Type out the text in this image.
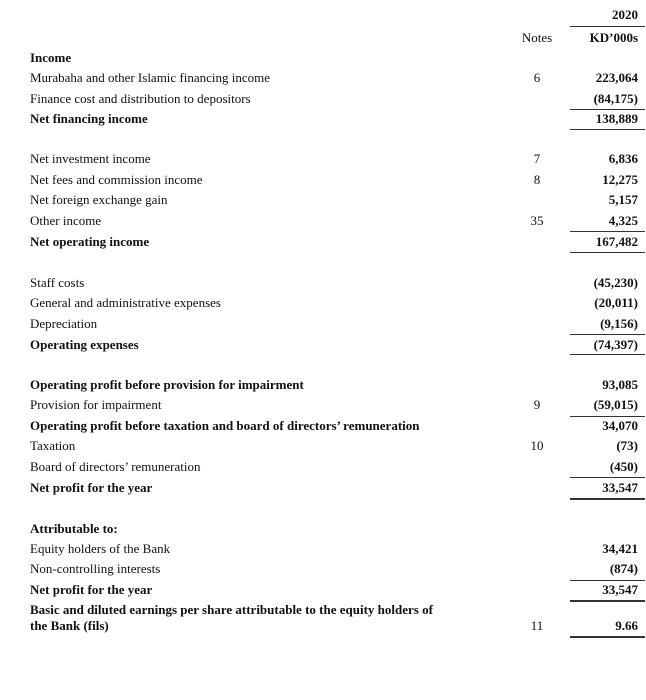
2020
Notes	KD’000s
Income
Murabaha and other Islamic financing income	6	223,064
Finance cost and distribution to depositors	(84,175)
Net financing income	138,889
Net investment income	7	6,836
Net fees and commission income	8	12,275
Net foreign exchange gain	5,157
Other income	35	4,325
Net operating income	167,482
Staff costs	(45,230)
General and administrative expenses	(20,011)
Depreciation	(9,156)
Operating expenses	(74,397)
Operating profit before provision for impairment	93,085
Provision for impairment	9	(59,015)
Operating profit before taxation and board of directors’ remuneration	34,070
Taxation	10	(73)
Board of directors’ remuneration	(450)
Net profit for the year	33,547
Attributable to:
Equity holders of the Bank	34,421
Non-controlling interests	(874)
Net profit for the year	33,547
Basic and diluted earnings per share attributable to the equity holders of
the Bank (fils)	11	9.66
